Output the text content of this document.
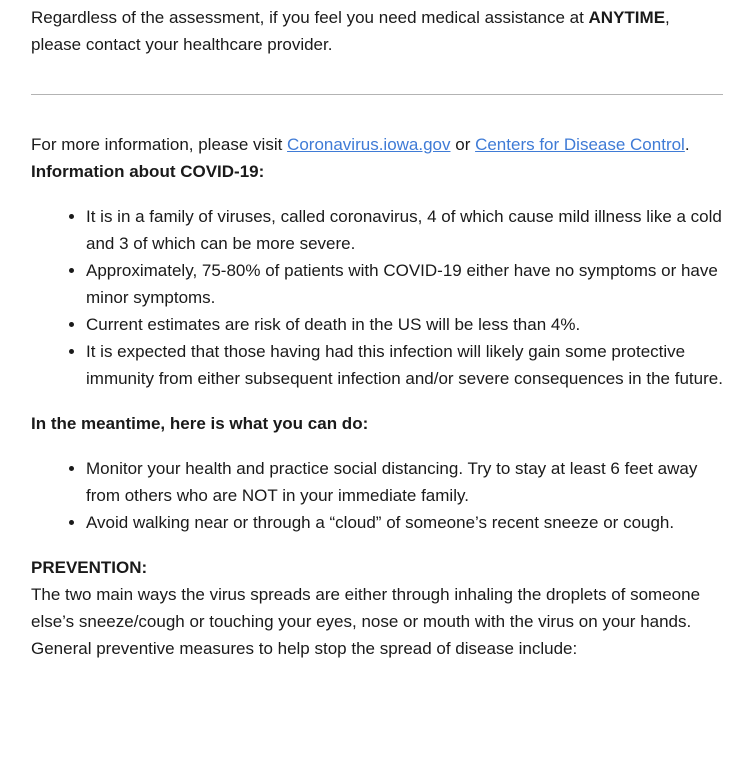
Regardless of the assessment, if you feel you need medical assistance at ANYTIME, please contact your healthcare provider.

For more information, please visit Coronavirus.iowa.gov or Centers for Disease Control.

Information about COVID-19:

• It is in a family of viruses, called coronavirus, 4 of which cause mild illness like a cold and 3 of which can be more severe.
• Approximately, 75-80% of patients with COVID-19 either have no symptoms or have minor symptoms.
• Current estimates are risk of death in the US will be less than 4%.
• It is expected that those having had this infection will likely gain some protective immunity from either subsequent infection and/or severe consequences in the future.

In the meantime, here is what you can do:

• Monitor your health and practice social distancing. Try to stay at least 6 feet away from others who are NOT in your immediate family.
• Avoid walking near or through a “cloud” of someone’s recent sneeze or cough.

PREVENTION:

The two main ways the virus spreads are either through inhaling the droplets of someone else’s sneeze/cough or touching your eyes, nose or mouth with the virus on your hands.

General preventive measures to help stop the spread of disease include:
